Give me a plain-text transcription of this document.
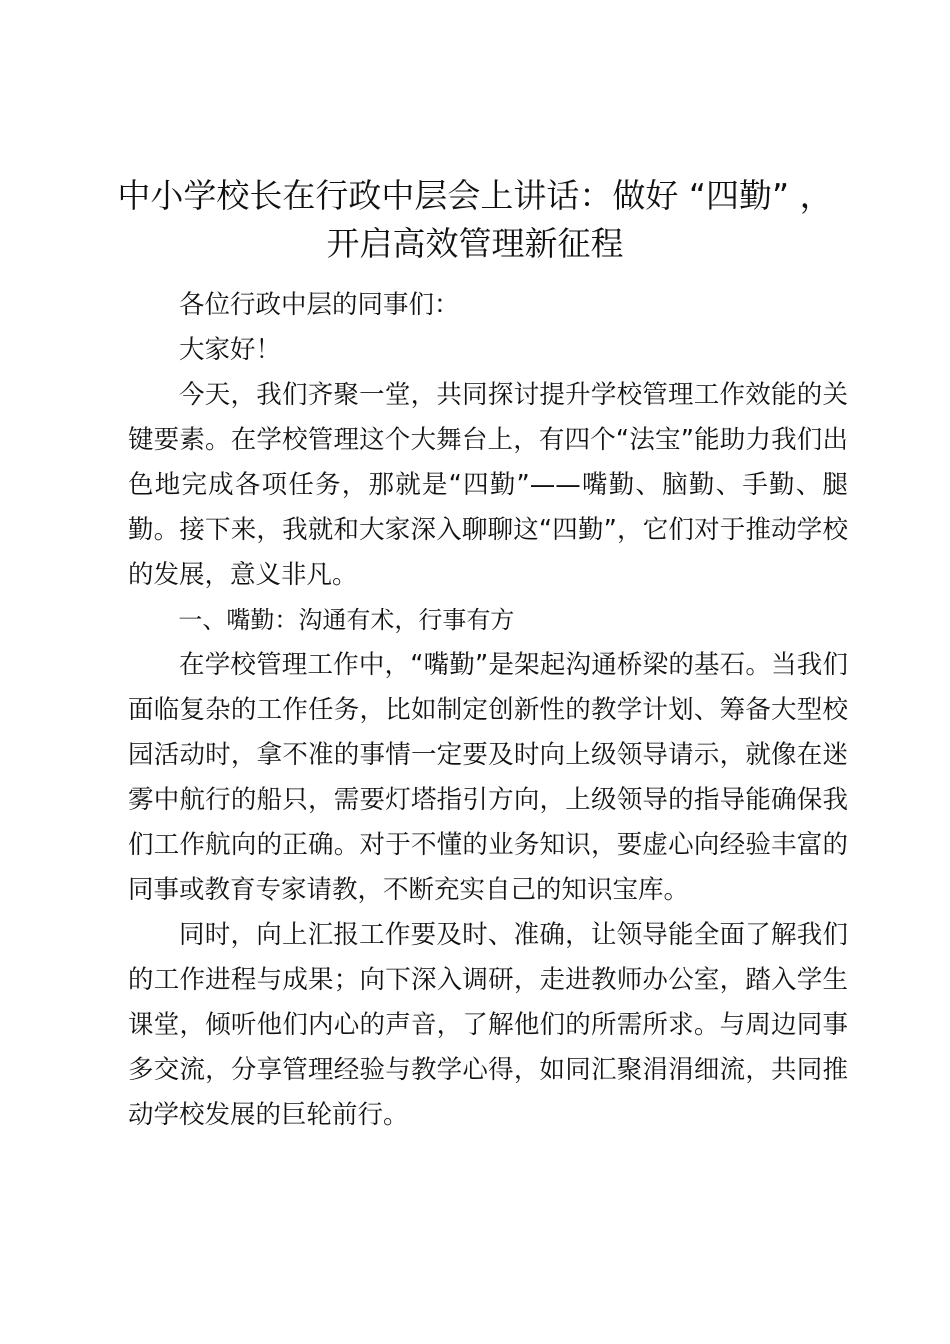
中小学校长在行政中层会上讲话：做好 “四勤” ，开启高效管理新征程

各位行政中层的同事们：

大家好！

今天，我们齐聚一堂，共同探讨提升学校管理工作效能的关键要素。在学校管理这个大舞台上，有四个“法宝”能助力我们出色地完成各项任务，那就是“四勤”——嘴勤、脑勤、手勤、腿勤。接下来，我就和大家深入聊聊这“四勤”，它们对于推动学校的发展，意义非凡。

一、嘴勤：沟通有术，行事有方

在学校管理工作中，“嘴勤”是架起沟通桥梁的基石。当我们面临复杂的工作任务，比如制定创新性的教学计划、筹备大型校园活动时，拿不准的事情一定要及时向上级领导请示，就像在迷雾中航行的船只，需要灯塔指引方向，上级领导的指导能确保我们工作航向的正确。对于不懂的业务知识，要虚心向经验丰富的同事或教育专家请教，不断充实自己的知识宝库。

同时，向上汇报工作要及时、准确，让领导能全面了解我们的工作进程与成果；向下深入调研，走进教师办公室，踏入学生课堂，倾听他们内心的声音，了解他们的所需所求。与周边同事多交流，分享管理经验与教学心得，如同汇聚涓涓细流，共同推动学校发展的巨轮前行。
